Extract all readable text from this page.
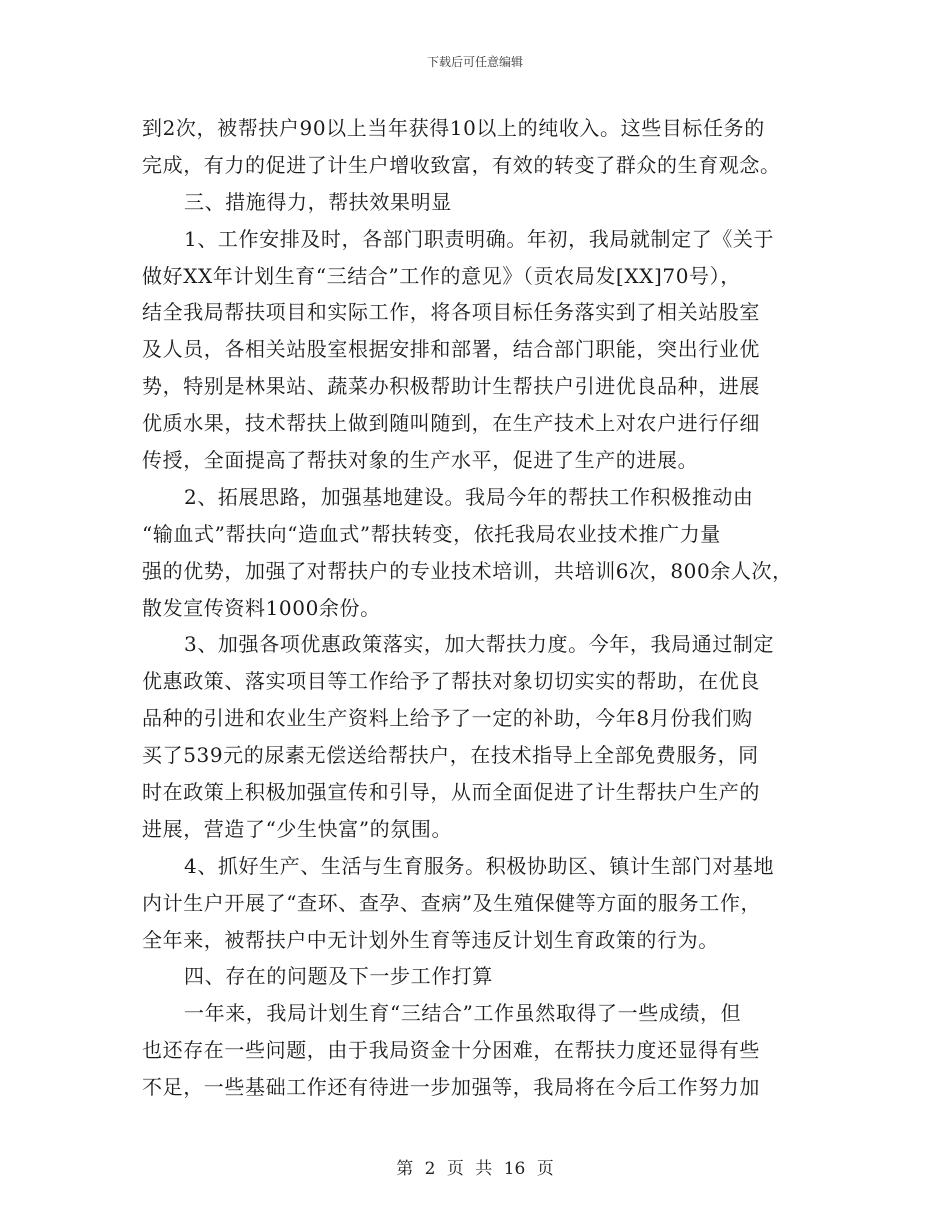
下载后可任意编辑
到2次，被帮扶户90以上当年获得10以上的纯收入。这些目标任务的
完成，有力的促进了计生户增收致富，有效的转变了群众的生育观念。
三、措施得力，帮扶效果明显
1、工作安排及时，各部门职责明确。年初，我局就制定了《关于
做好XX年计划生育“三结合”工作的意见》（贡农局发[XX]70号），
结全我局帮扶项目和实际工作，将各项目标任务落实到了相关站股室
及人员，各相关站股室根据安排和部署，结合部门职能，突出行业优
势，特别是林果站、蔬菜办积极帮助计生帮扶户引进优良品种，进展
优质水果，技术帮扶上做到随叫随到，在生产技术上对农户进行仔细
传授，全面提高了帮扶对象的生产水平，促进了生产的进展。
2、拓展思路，加强基地建设。我局今年的帮扶工作积极推动由
“输血式”帮扶向“造血式”帮扶转变，依托我局农业技术推广力量
强的优势，加强了对帮扶户的专业技术培训，共培训6次，800余人次，
散发宣传资料1000余份。
3、加强各项优惠政策落实，加大帮扶力度。今年，我局通过制定
优惠政策、落实项目等工作给予了帮扶对象切切实实的帮助，在优良
品种的引进和农业生产资料上给予了一定的补助，今年8月份我们购
买了539元的尿素无偿送给帮扶户，在技术指导上全部免费服务，同
时在政策上积极加强宣传和引导，从而全面促进了计生帮扶户生产的
进展，营造了“少生快富”的氛围。
4、抓好生产、生活与生育服务。积极协助区、镇计生部门对基地
内计生户开展了“查环、查孕、查病”及生殖保健等方面的服务工作，
全年来，被帮扶户中无计划外生育等违反计划生育政策的行为。
四、存在的问题及下一步工作打算
一年来，我局计划生育“三结合”工作虽然取得了一些成绩，但
也还存在一些问题，由于我局资金十分困难，在帮扶力度还显得有些
不足，一些基础工作还有待进一步加强等，我局将在今后工作努力加
第 2 页 共 16 页
